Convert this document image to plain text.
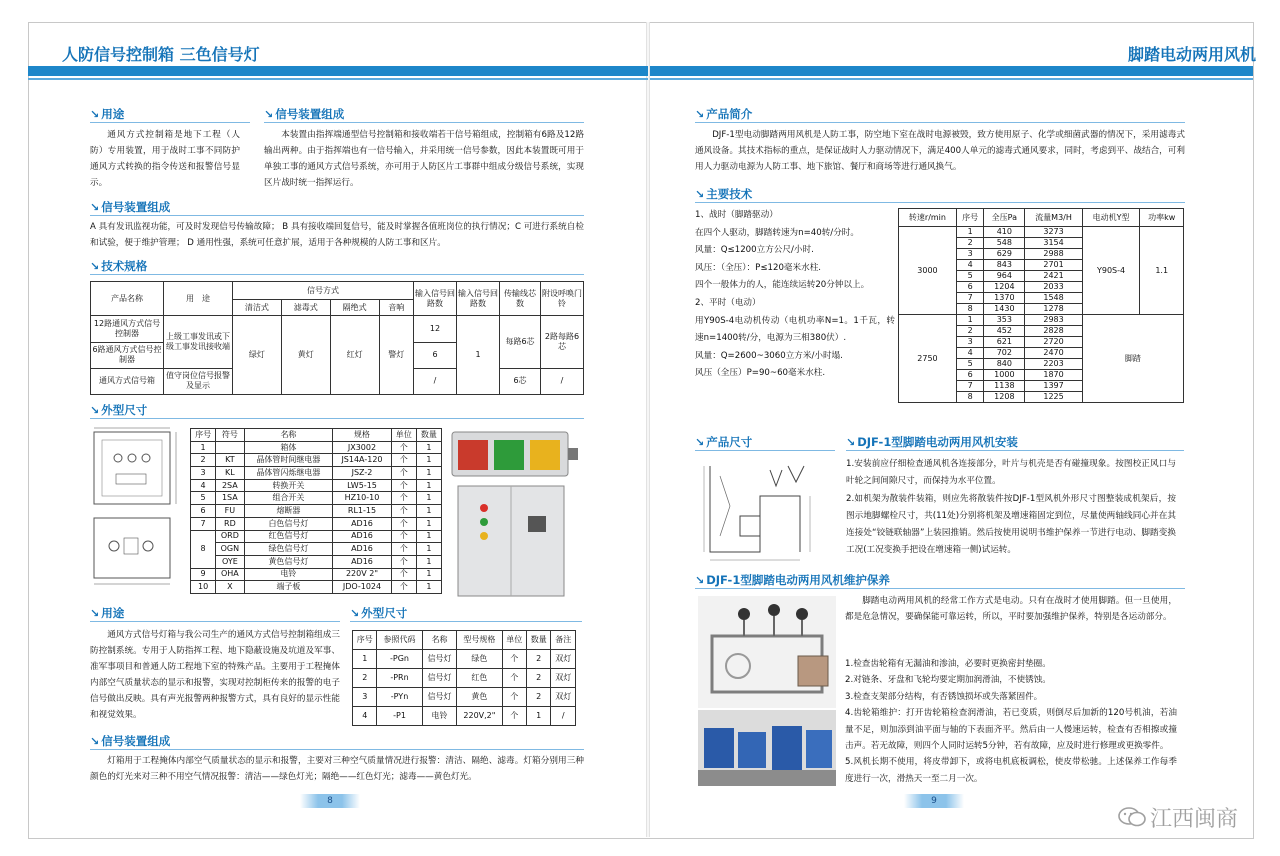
人防信号控制箱 三色信号灯
↘ 用途
通风方式控制箱是地下工程（人防）专用装置，用于战时工事不同防护通风方式转换的指令传送和报警信号显示。
↘ 信号装置组成
本装置由指挥端通型信号控制箱和接收端若干信号箱组成，控制箱有6路及12路输出两种。由于指挥端也有一信号输入，并采用统一信号参数，因此本装置既可用于单独工事的通风方式信号系统，亦可用于人防区片工事群中组成分级信号系统，实现区片战时统一指挥运行。
↘ 信号装置组成
A 具有发讯监视功能，可及时发现信号传输故障； B 具有接收端回复信号，能及时掌握各值班岗位的执行情况；C 可进行系统自检和试验，便于维护管理； D 通用性强，系统可任意扩展，适用于各种规模的人防工事和区片。
↘ 技术规格
产品名称	用　途	信号方式				输入信号回路数	输入信号回路数	传输线芯数	附设呼唤门铃
		清洁式	滤毒式	隔绝式	音响				
12路通风方式信号控制器	上级工事发讯或下级工事发讯接收端	绿灯	黄灯	红灯	警灯	12	1	每路6芯	2路每路6芯
6路通风方式信号控制器						6			
通风方式信号箱	值守岗位信号报警及显示					/		6芯	/
↘ 外型尺寸
序号	符号	名称	规格	单位	数量
1		箱体	JX3002	个	1
2	KT	晶体管时间继电器	JS14A-120	个	1
3	KL	晶体管闪烁继电器	JSZ-2	个	1
4	2SA	转换开关	LW5-15	个	1
5	1SA	组合开关	HZ10-10	个	1
6	FU	熔断器	RL1-15	个	1
7	RD	白色信号灯	AD16	个	1
8	ORD	红色信号灯	AD16	个	1
	OGN	绿色信号灯	AD16	个	1
	OYE	黄色信号灯	AD16	个	1
9	OHA	电铃	220V 2"	个	1
10	X	端子板	JDO-1024	个	1
↘ 用途
通风方式信号灯箱与我公司生产的通风方式信号控制箱组成三防控制系统。专用于人防指挥工程、地下隐蔽设施及坑道及军事、准军事项目和普通人防工程地下室的特殊产品。主要用于工程掩体内部空气质量状态的显示和报警，实现对控制柜传来的报警的电子信号做出反映。具有声光报警两种报警方式，具有良好的显示性能和视觉效果。
↘ 外型尺寸
序号	参照代码	名称	型号规格	单位	数量	备注
1	-PGn	信号灯	绿色	个	2	双灯
2	-PRn	信号灯	红色	个	2	双灯
3	-PYn	信号灯	黄色	个	2	双灯
4	-P1	电铃	220V,2"	个	1	/
↘ 信号装置组成
灯箱用于工程掩体内部空气质量状态的显示和报警，主要对三种空气质量情况进行报警：清洁、隔绝、滤毒。灯箱分别用三种颜色的灯光来对三种不用空气情况报警：清洁——绿色灯光；隔绝——红色灯光；滤毒——黄色灯光。
8
脚踏电动两用风机
↘ 产品简介
DJF-1型电动脚踏两用风机是人防工事，防空地下室在战时电源被毁，致方使用原子、化学或细菌武器的情况下，采用滤毒式通风设备。其技术指标的重点，是保证战时人力驱动情况下，满足400人单元的滤毒式通风要求，同时，考虑到平、战结合，可利用人力驱动电源为人防工事、地下旅馆、餐厅和商场等进行通风换气。
↘ 主要技术
1、战时（脚踏驱动）
在四个人驱动，脚踏转速为n=40转/分时。
风量：Q≤1200立方公尺/小时.
风压：（全压）：P≤120毫米水柱.
四个一般体力的人，能连续运转20分钟以上。
2、平时（电动）
用Y90S-4电动机传动（电机功率N=1。1千瓦，转速n=1400转/分，电源为三相380伏）.
风量：Q=2600~3060立方米/小时塌.
风压（全压）P=90~60毫米水柱.
转速r/min	序号	全压Pa	流量M3/H	电动机Y型	功率kw
3000	1	410	3273	Y90S-4	1.1
	2	548	3154		
	3	629	2988		
	4	843	2701		
	5	964	2421		
	6	1204	2033		
	7	1370	1548		
	8	1430	1278		
2750	1	353	2983	脚踏	
	2	452	2828		
	3	621	2720		
	4	702	2470		
	5	840	2203		
	6	1000	1870		
	7	1138	1397		
	8	1208	1225		
↘ 产品尺寸	↘ DJF-1型脚踏电动两用风机安装
1.安装前应仔细检查通风机各连接部分，叶片与机壳是否有碰撞现象。按图校正风口与叶轮之间间隙尺寸，而保持为水平位置。
2.如机架为散装件装箱，则应先将散装件按DJF-1型风机外形尺寸图整装成机架后，按图示地脚螺栓尺寸，共(11处)分别将机架及增速箱固定到位，尽量使两轴线同心并在其连接处“铰链联轴器”上装园推销。然后按使用说明书维护保养一节进行电动、脚踏变换工况(工况变换手把设在增速箱一侧)试运转。
↘ DJF-1型脚踏电动两用风机维护保养
脚踏电动两用风机的经常工作方式是电动。只有在战时才使用脚踏。但一旦使用，都是危急情况，要确保能可靠运转，所以，平时要加强维护保养，特别是各运动部分。
1.检查齿轮箱有无漏油和渗油，必要时更换密封垫圈。
2.对链条、牙盘和飞轮均要定期加润滑油，不使锈蚀。
3.检查支架部分结构，有否锈蚀损坏或失落紧固件。
4.齿轮箱维护：打开齿轮箱检查润滑油，若已变质，则倒尽后加新的120号机油，若油量不足，则加添到油平面与轴的下表面齐平。然后由一人慢速运转，检查有否相擦或撞击声。若无故障，则四个人同时运转5分钟，若有故障，应及时进行修理或更换零件。
5.风机长期不使用，将皮带卸下，或将电机底板调松，使皮带松驰。上述保养工作每季度进行一次，滑热天一至二月一次。
9
江西闽商
